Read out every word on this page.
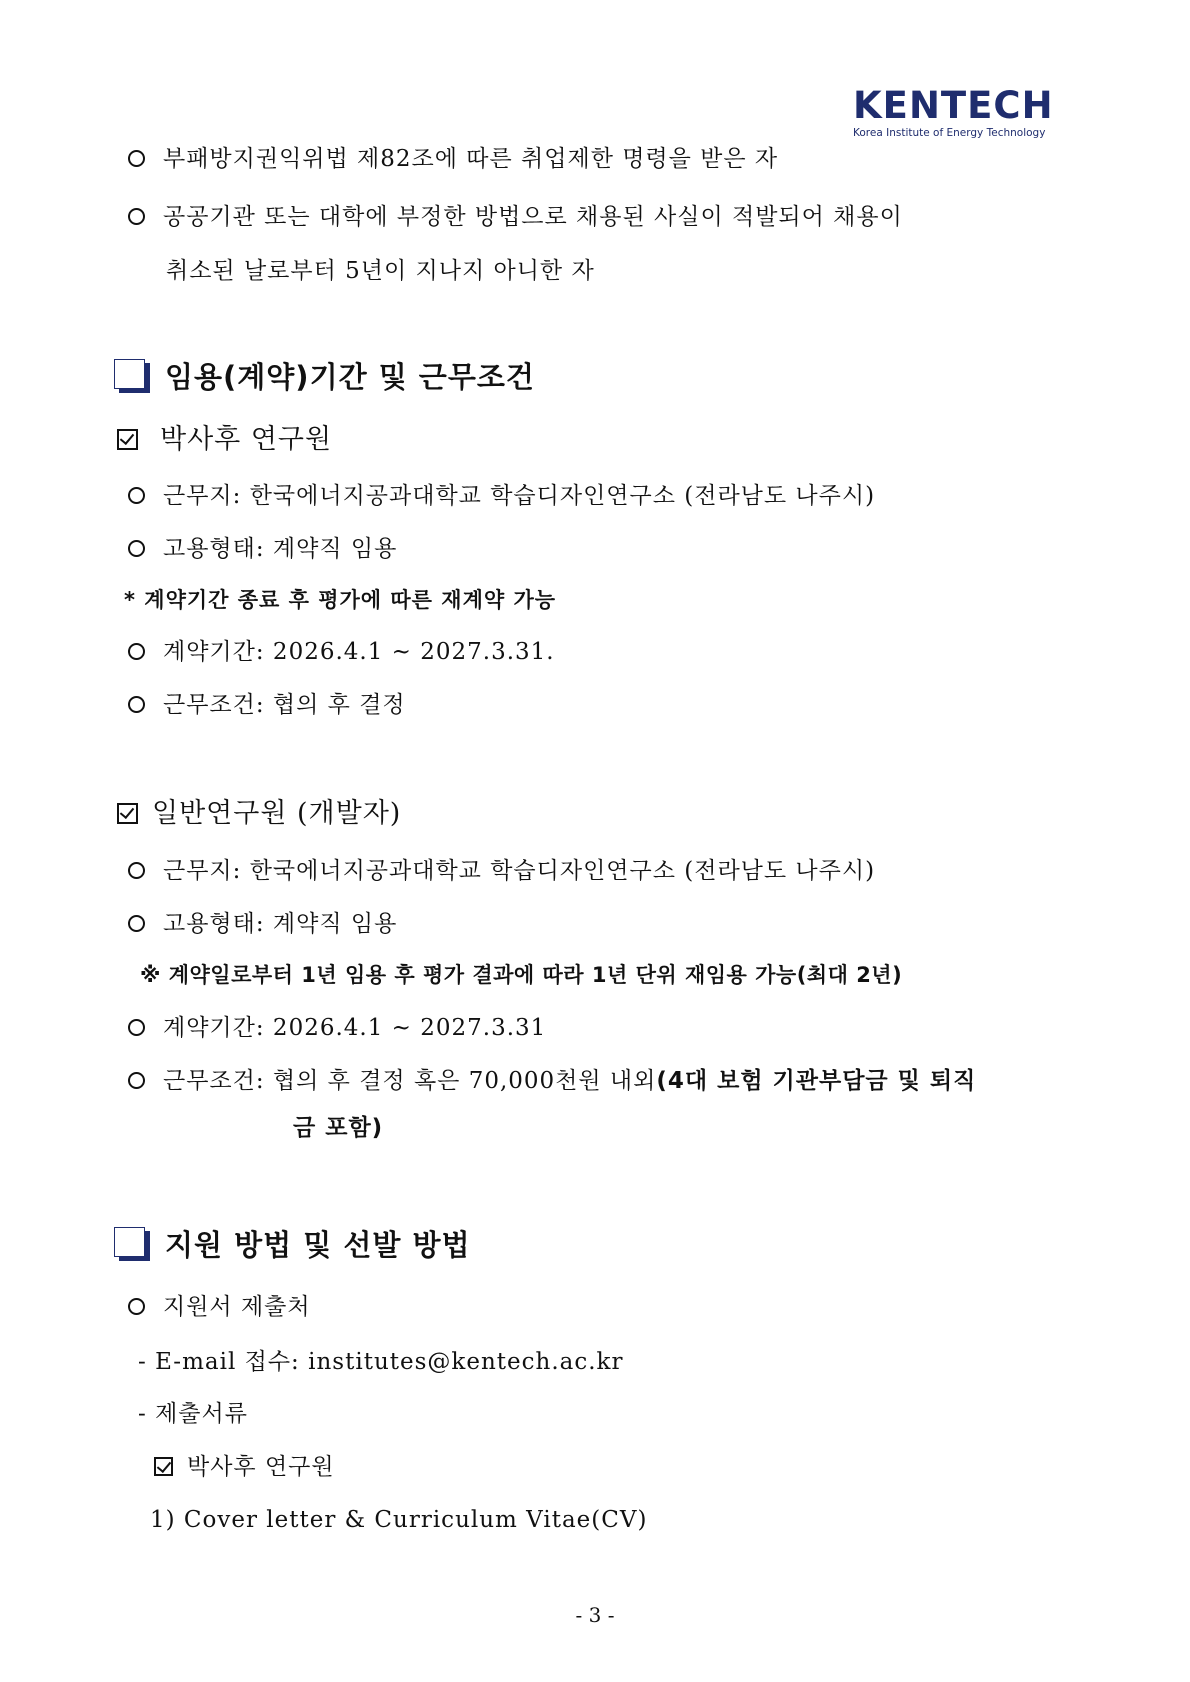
KENTECH
Korea Institute of Energy Technology
부패방지권익위법 제82조에 따른 취업제한 명령을 받은 자
공공기관 또는 대학에 부정한 방법으로 채용된 사실이 적발되어 채용이
취소된 날로부터 5년이 지나지 아니한 자
임용(계약)기간 및 근무조건
박사후 연구원
근무지: 한국에너지공과대학교 학습디자인연구소 (전라남도 나주시)
고용형태: 계약직 임용
* 계약기간 종료 후 평가에 따른 재계약 가능
계약기간: 2026.4.1 ~ 2027.3.31.
근무조건: 협의 후 결정
일반연구원 (개발자)
근무지: 한국에너지공과대학교 학습디자인연구소 (전라남도 나주시)
고용형태: 계약직 임용
※ 계약일로부터 1년 임용 후 평가 결과에 따라 1년 단위 재임용 가능(최대 2년)
계약기간: 2026.4.1 ~ 2027.3.31
근무조건: 협의 후 결정 혹은 70,000천원 내외(4대 보험 기관부담금 및 퇴직
금 포함)
지원 방법 및 선발 방법
지원서 제출처
- E-mail 접수: institutes@kentech.ac.kr
- 제출서류
박사후 연구원
1) Cover letter & Curriculum Vitae(CV)
- 3 -
